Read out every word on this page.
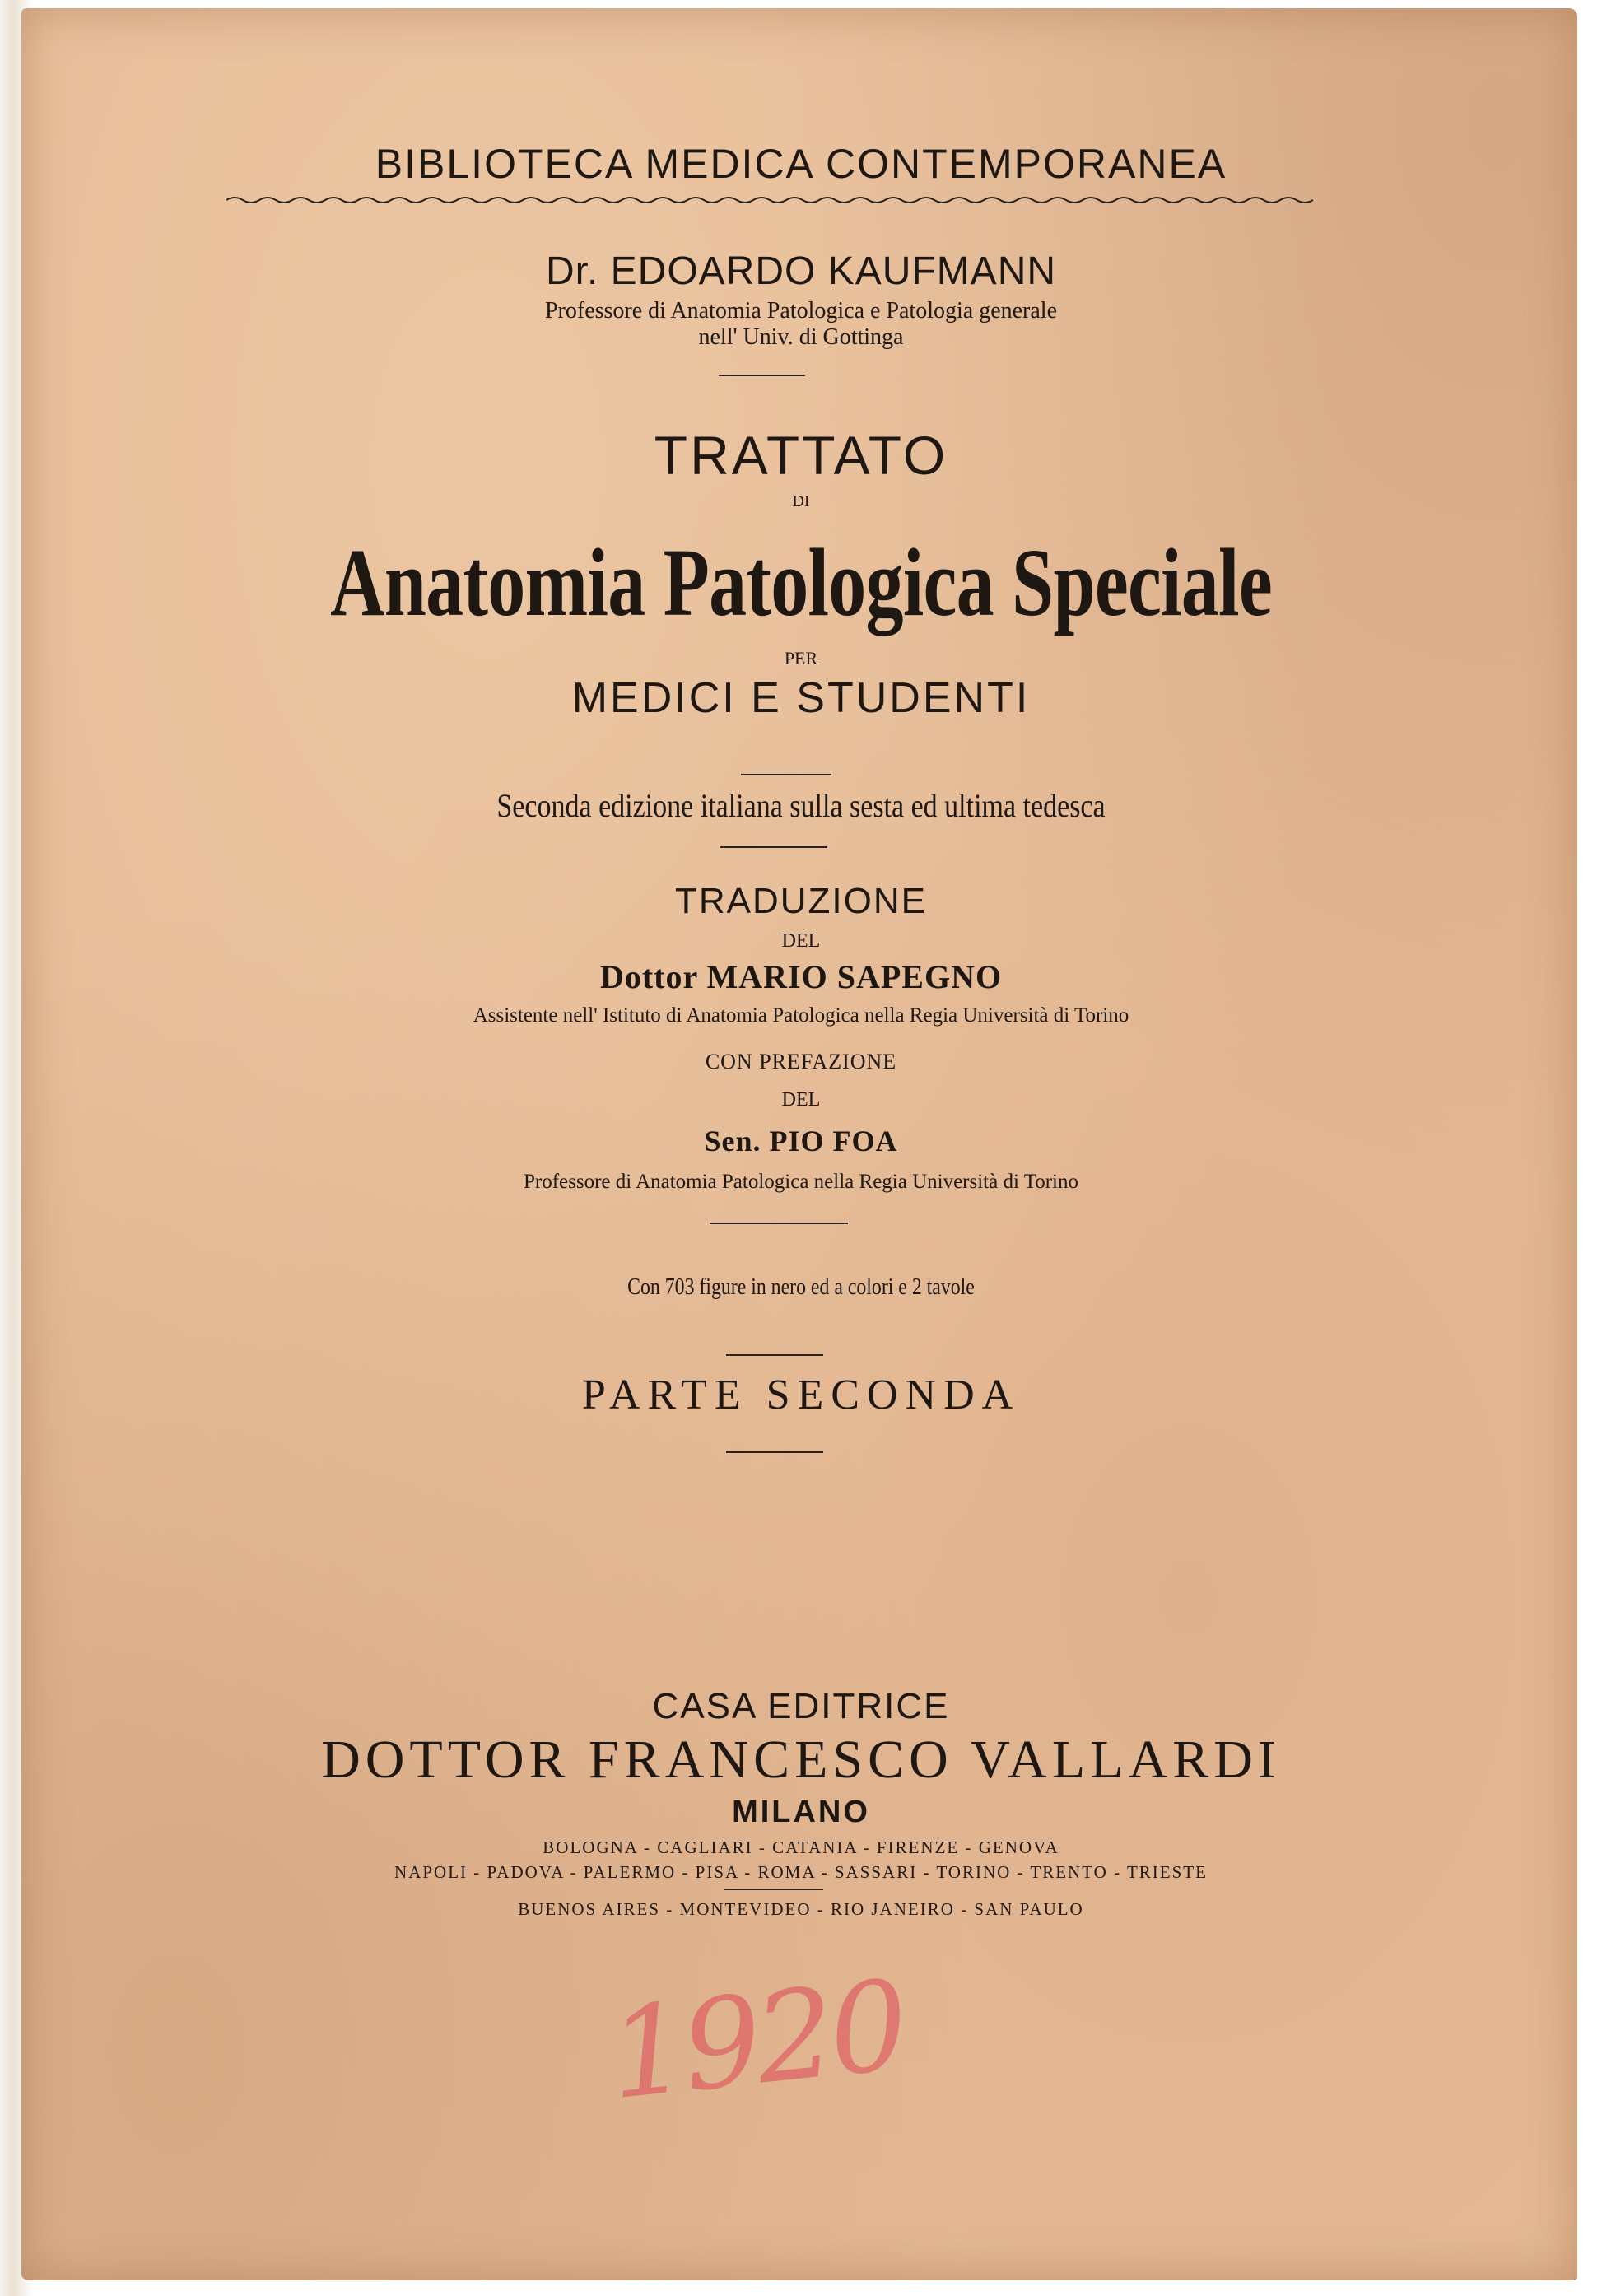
BIBLIOTECA MEDICA CONTEMPORANEA
Dr. EDOARDO KAUFMANN
Professore di Anatomia Patologica e Patologia generale
nell' Univ. di Gottinga
TRATTATO
DI
Anatomia Patologica Speciale
PER
MEDICI E STUDENTI
Seconda edizione italiana sulla sesta ed ultima tedesca
TRADUZIONE
DEL
Dottor MARIO SAPEGNO
Assistente nell' Istituto di Anatomia Patologica nella Regia Università di Torino
CON PREFAZIONE
DEL
Sen. PIO FOA
Professore di Anatomia Patologica nella Regia Università di Torino
Con 703 figure in nero ed a colori e 2 tavole
PARTE SECONDA
CASA EDITRICE
DOTTOR FRANCESCO VALLARDI
MILANO
BOLOGNA - CAGLIARI - CATANIA - FIRENZE - GENOVA
NAPOLI - PADOVA - PALERMO - PISA - ROMA - SASSARI - TORINO - TRENTO - TRIESTE
BUENOS AIRES - MONTEVIDEO - RIO JANEIRO - SAN PAULO
1920
